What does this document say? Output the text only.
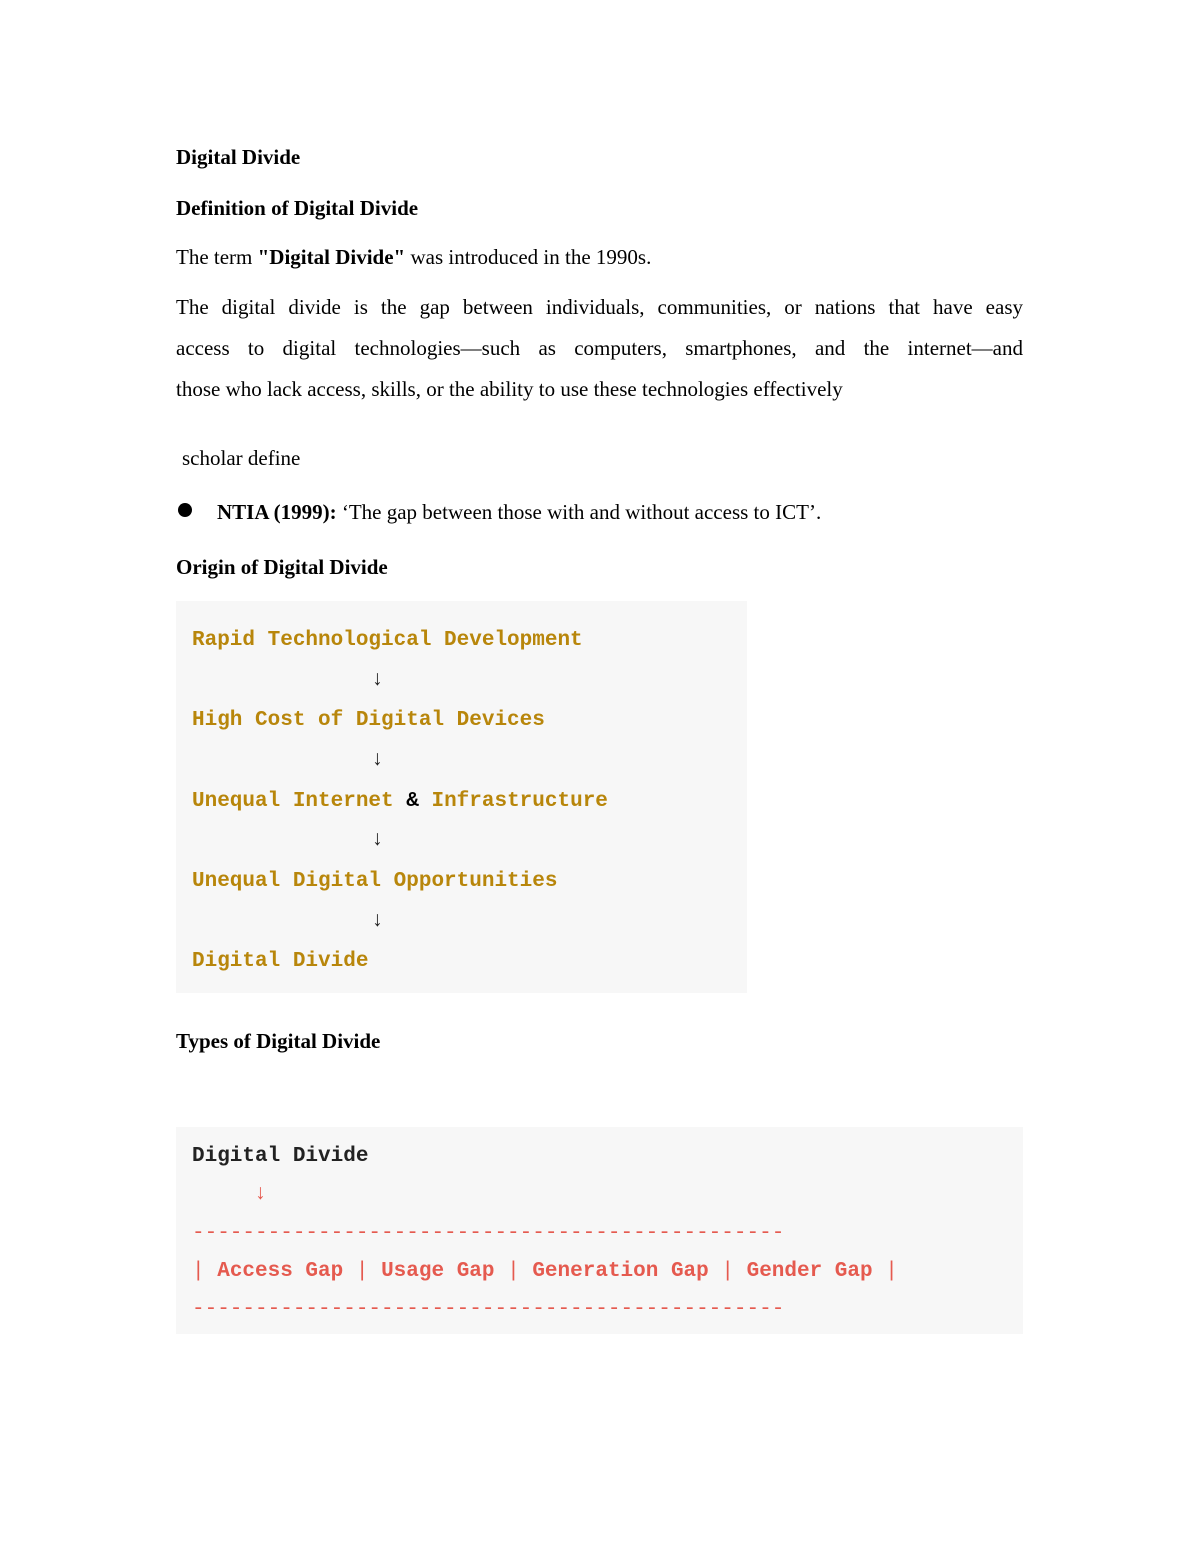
Digital Divide
Definition of Digital Divide
The term "Digital Divide" was introduced in the 1990s.
The digital divide is the gap between individuals, communities, or nations that have easy
access to digital technologies—such as computers, smartphones, and the internet—and
those who lack access, skills, or the ability to use these technologies effectively
scholar define
NTIA (1999): ‘The gap between those with and without access to ICT’.
Origin of Digital Divide
Rapid Technological Development
↓
High Cost of Digital Devices
↓
Unequal Internet & Infrastructure
↓
Unequal Digital Opportunities
↓
Digital Divide
Types of Digital Divide
Digital Divide
↓
-----------------------------------------------
| Access Gap | Usage Gap | Generation Gap | Gender Gap |
-----------------------------------------------
